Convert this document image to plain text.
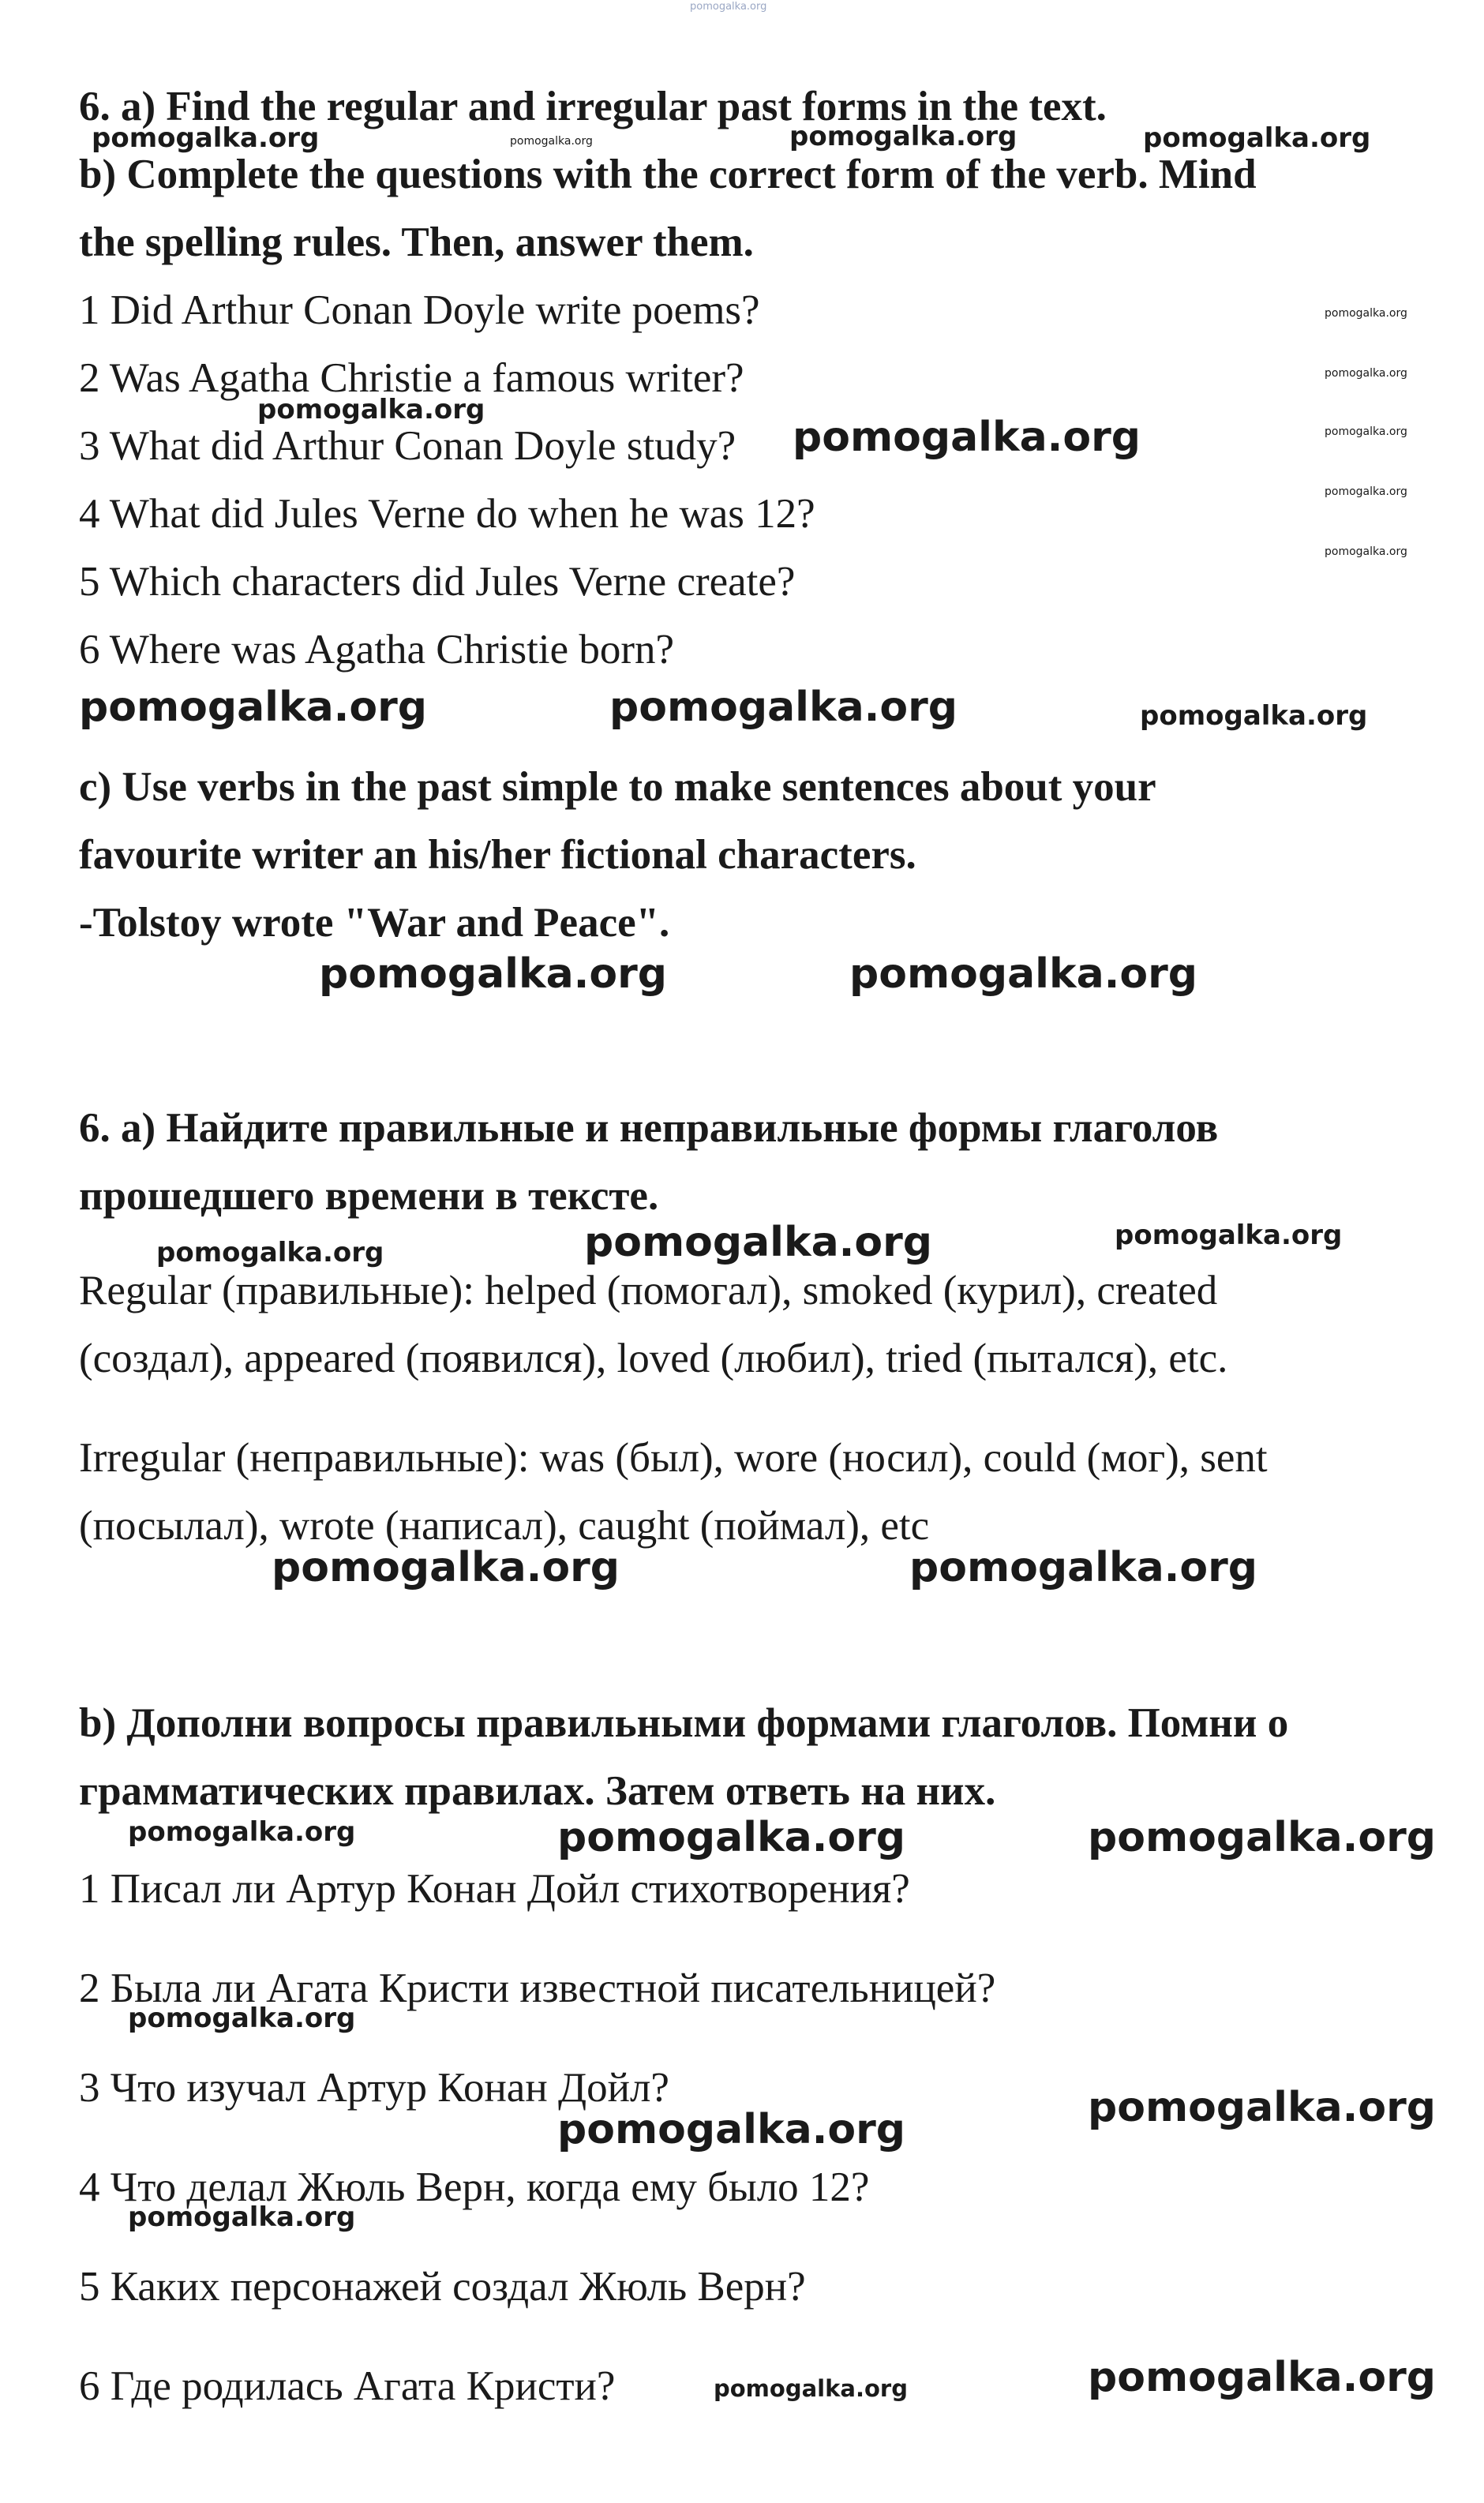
pomogalka.org
6. a) Find the regular and irregular past forms in the text.
pomogalka.org	pomogalka.org	pomogalka.org	pomogalka.org
b) Complete the questions with the correct form of the verb. Mind
the spelling rules. Then, answer them.
1 Did Arthur Conan Doyle write poems?	pomogalka.org
2 Was Agatha Christie a famous writer?	pomogalka.org
pomogalka.org
3 What did Arthur Conan Doyle study? pomogalka.org	pomogalka.org
4 What did Jules Verne do when he was 12?	pomogalka.org
pomogalka.org
5 Which characters did Jules Verne create?
6 Where was Agatha Christie born?
pomogalka.org	pomogalka.org	pomogalka.org
c) Use verbs in the past simple to make sentences about your
favourite writer an his/her fictional characters.
-Tolstoy wrote "War and Peace".
pomogalka.org	pomogalka.org
6. a) Найдите правильные и неправильные формы глаголов
прошедшего времени в тексте.
pomogalka.org	pomogalka.org
pomogalka.org
Regular (правильные): helped (помогал), smoked (курил), created
(создал), appeared (появился), loved (любил), tried (пытался), etc.
Irregular (неправильные): was (был), wore (носил), could (мог), sent
(посылал), wrote (написал), caught (поймал), etc
pomogalka.org	pomogalka.org
b) Дополни вопросы правильными формами глаголов. Помни о
грамматических правилах. Затем ответь на них.
pomogalka.org	pomogalka.org	pomogalka.org
1 Писал ли Артур Конан Дойл стихотворения?
2 Была ли Агата Кристи известной писательницей?
pomogalka.org
3 Что изучал Артур Конан Дойл?	pomogalka.org
pomogalka.org
4 Что делал Жюль Верн, когда ему было 12?
pomogalka.org
5 Каких персонажей создал Жюль Верн?
6 Где родилась Агата Кристи?	pomogalka.org	pomogalka.org
